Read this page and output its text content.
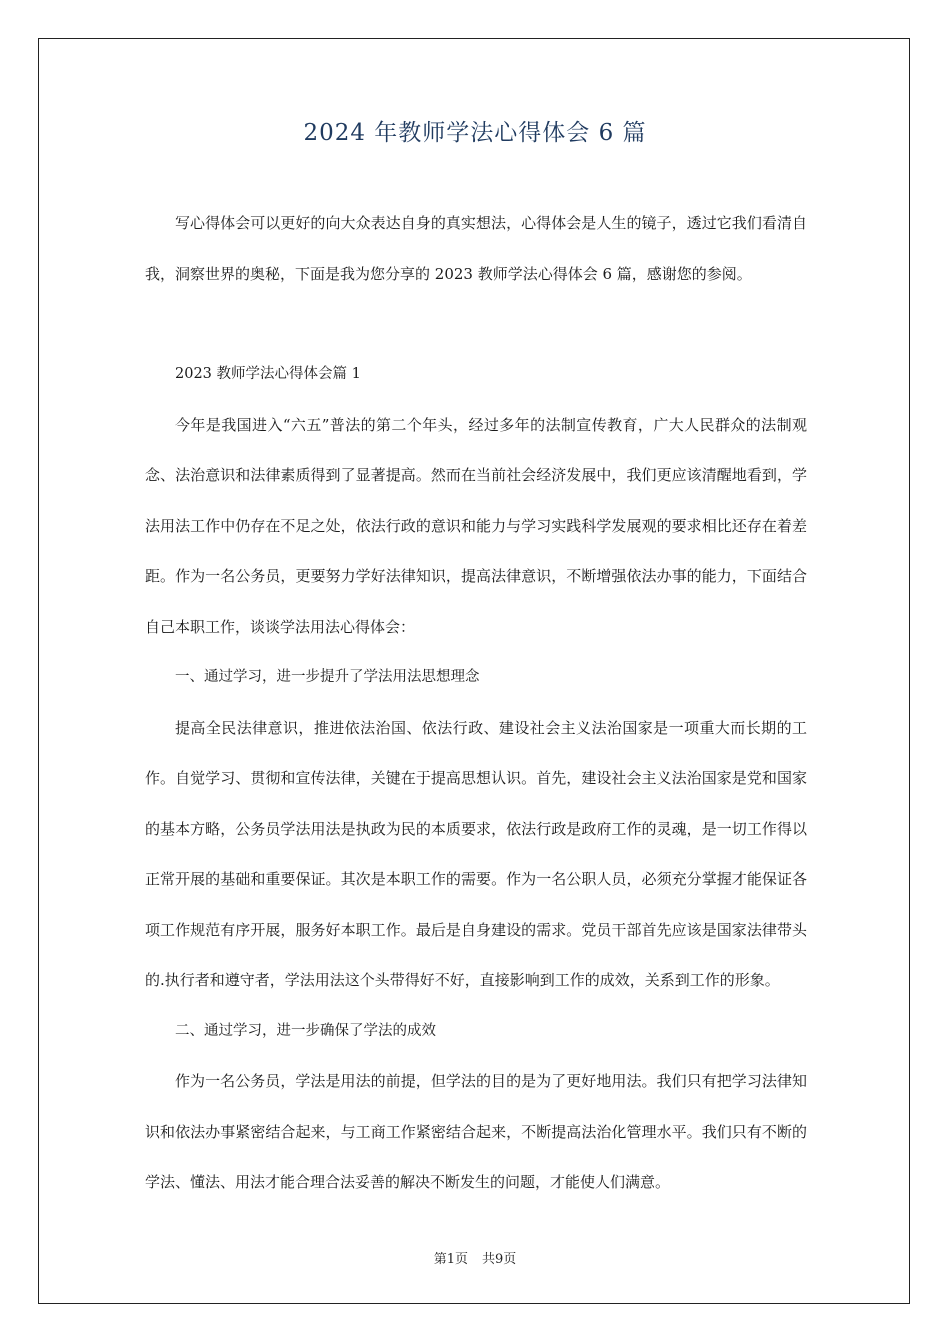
2024 年教师学法心得体会 6 篇

写心得体会可以更好的向大众表达自身的真实想法，心得体会是人生的镜子，透过它我们看清自我，洞察世界的奥秘，下面是我为您分享的 2023 教师学法心得体会 6 篇，感谢您的参阅。

2023 教师学法心得体会篇 1

今年是我国进入“六五”普法的第二个年头，经过多年的法制宣传教育，广大人民群众的法制观念、法治意识和法律素质得到了显著提高。然而在当前社会经济发展中，我们更应该清醒地看到，学法用法工作中仍存在不足之处，依法行政的意识和能力与学习实践科学发展观的要求相比还存在着差距。作为一名公务员，更要努力学好法律知识，提高法律意识，不断增强依法办事的能力，下面结合自己本职工作，谈谈学法用法心得体会：

一、通过学习，进一步提升了学法用法思想理念

提高全民法律意识，推进依法治国、依法行政、建设社会主义法治国家是一项重大而长期的工作。自觉学习、贯彻和宣传法律，关键在于提高思想认识。首先，建设社会主义法治国家是党和国家的基本方略，公务员学法用法是执政为民的本质要求，依法行政是政府工作的灵魂，是一切工作得以正常开展的基础和重要保证。其次是本职工作的需要。作为一名公职人员，必须充分掌握才能保证各项工作规范有序开展，服务好本职工作。最后是自身建设的需求。党员干部首先应该是国家法律带头的.执行者和遵守者，学法用法这个头带得好不好，直接影响到工作的成效，关系到工作的形象。

二、通过学习，进一步确保了学法的成效

作为一名公务员，学法是用法的前提，但学法的目的是为了更好地用法。我们只有把学习法律知识和依法办事紧密结合起来，与工商工作紧密结合起来，不断提高法治化管理水平。我们只有不断的学法、懂法、用法才能合理合法妥善的解决不断发生的问题，才能使人们满意。

第1页 共9页
